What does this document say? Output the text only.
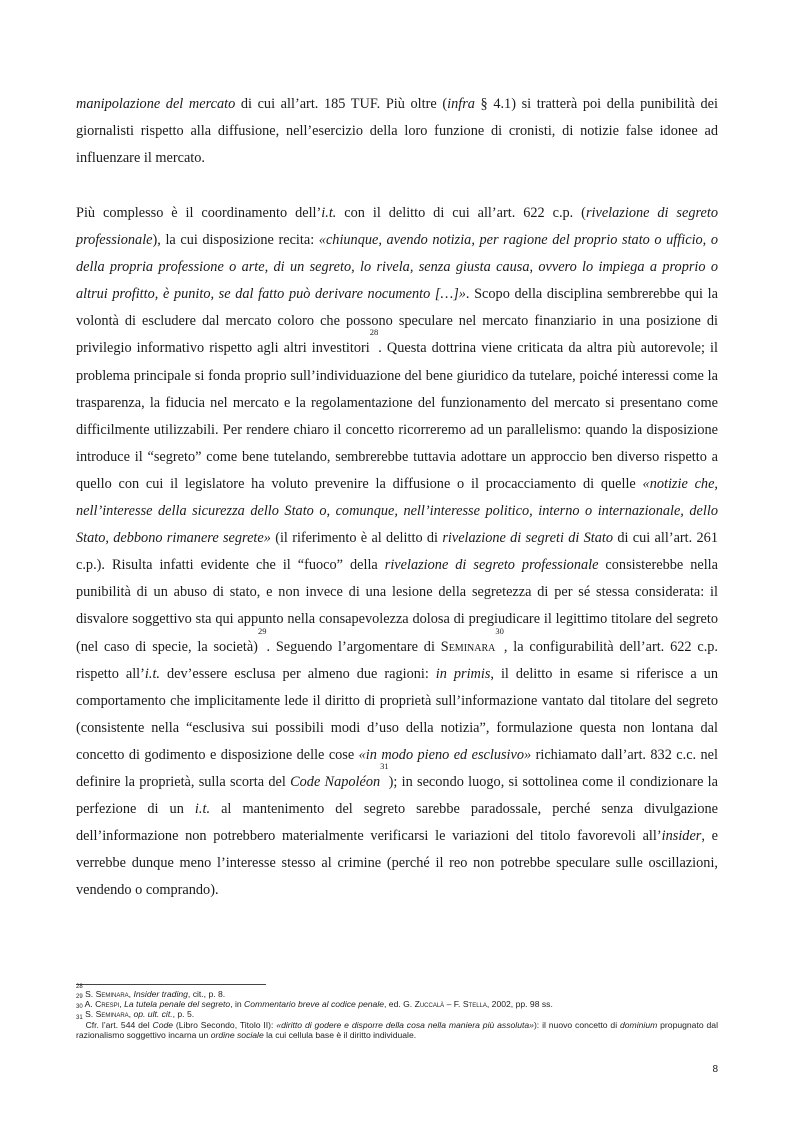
manipolazione del mercato di cui all’art. 185 TUF. Più oltre (infra § 4.1) si tratterà poi della punibilità dei giornalisti rispetto alla diffusione, nell’esercizio della loro funzione di cronisti, di notizie false idonee ad influenzare il mercato.

Più complesso è il coordinamento dell’i.t. con il delitto di cui all’art. 622 c.p. (rivelazione di segreto professionale), la cui disposizione recita: «chiunque, avendo notizia, per ragione del proprio stato o ufficio, o della propria professione o arte, di un segreto, lo rivela, senza giusta causa, ovvero lo impiega a proprio o altrui profitto, è punito, se dal fatto può derivare nocumento […]». Scopo della disciplina sembrerebbe qui la volontà di escludere dal mercato coloro che possono speculare nel mercato finanziario in una posizione di privilegio informativo rispetto agli altri investitori$^{28}$. Questa dottrina viene criticata da altra più autorevole; il problema principale si fonda proprio sull’individuazione del bene giuridico da tutelare, poiché interessi come la trasparenza, la fiducia nel mercato e la regolamentazione del funzionamento del mercato si presentano come difficilmente utilizzabili. Per rendere chiaro il concetto ricorreremo ad un parallelismo: quando la disposizione introduce il “segreto” come bene tutelando, sembrerebbe tuttavia adottare un approccio ben diverso rispetto a quello con cui il legislatore ha voluto prevenire la diffusione o il procacciamento di quelle «notizie che, nell’interesse della sicurezza dello Stato o, comunque, nell’interesse politico, interno o internazionale, dello Stato, debbono rimanere segrete» (il riferimento è al delitto di rivelazione di segreti di Stato di cui all’art. 261 c.p.). Risulta infatti evidente che il “fuoco” della rivelazione di segreto professionale consisterebbe nella punibilità di un abuso di stato, e non invece di una lesione della segretezza di per sé stessa considerata: il disvalore soggettivo sta qui appunto nella consapevolezza dolosa di pregiudicare il legittimo titolare del segreto (nel caso di specie, la società)$^{29}$. Seguendo l’argomentare di Seminara$^{30}$, la configurabilità dell’art. 622 c.p. rispetto all’i.t. dev’essere esclusa per almeno due ragioni: in primis, il delitto in esame si riferisce a un comportamento che implicitamente lede il diritto di proprietà sull’informazione vantato dal titolare del segreto (consistente nella “esclusiva sui possibili modi d’uso della notizia”, formulazione questa non lontana dal concetto di godimento e disposizione delle cose «in modo pieno ed esclusivo» richiamato dall’art. 832 c.c. nel definire la proprietà, sulla scorta del Code Napoléon$^{31}$); in secondo luogo, si sottolinea come il condizionare la perfezione di un i.t. al mantenimento del segreto sarebbe paradossale, perché senza divulgazione dell’informazione non potrebbero materialmente verificarsi le variazioni del titolo favorevoli all’insider, e verrebbe dunque meno l’interesse stesso al crimine (perché il reo non potrebbe speculare sulle oscillazioni, vendendo o comprando).

$^{28}$ S. Seminara, Insider trading, cit., p. 8.

$^{29}$ A. Crespi, La tutela penale del segreto, in Commentario breve al codice penale, ed. G. Zuccalà – F. Stella, 2002, pp. 98 ss.

$^{30}$ S. Seminara, op. ult. cit., p. 5.

$^{31}$ Cfr. l’art. 544 del Code (Libro Secondo, Titolo II): «diritto di godere e disporre della cosa nella maniera più assoluta»): il nuovo concetto di dominium propugnato dal razionalismo soggettivo incarna un ordine sociale la cui cellula base è il diritto individuale.

8
